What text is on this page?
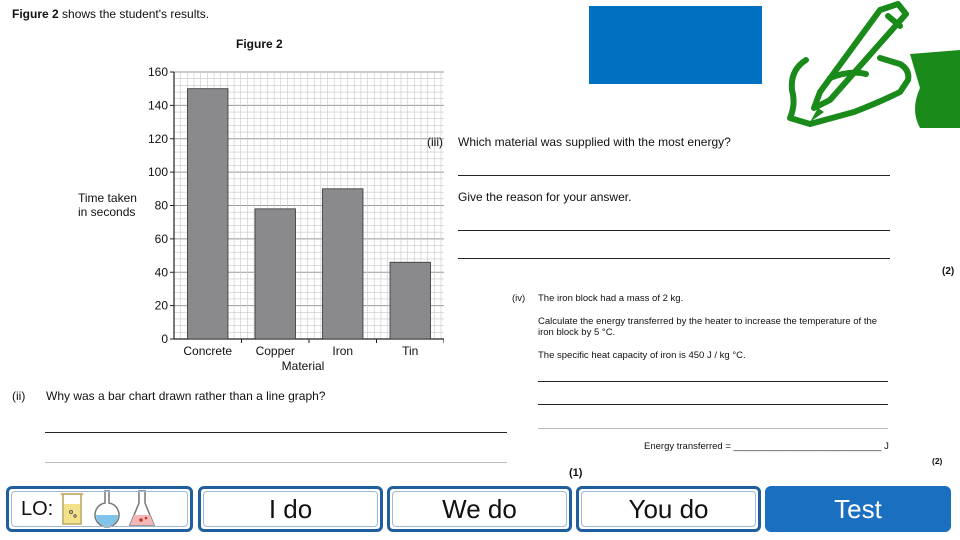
Figure 2 shows the student's results.
Figure 2
0
20
40
60
80
100
120
140
160
Concrete Copper	Iron	Tin
Material
Time taken
in seconds
(iii) Which material was supplied with the most energy?
Give the reason for your answer.
(2)
(iv) The iron block had a mass of 2 kg.
Calculate the energy transferred by the heater to increase the temperature of the
iron block by 5 °C.
The specific heat capacity of iron is 450 J / kg °C.
Energy transferred = ____________________________ J
(2)
(ii) Why was a bar chart drawn rather than a line graph?
(1)
LO:	I do	We do	You do	Test
